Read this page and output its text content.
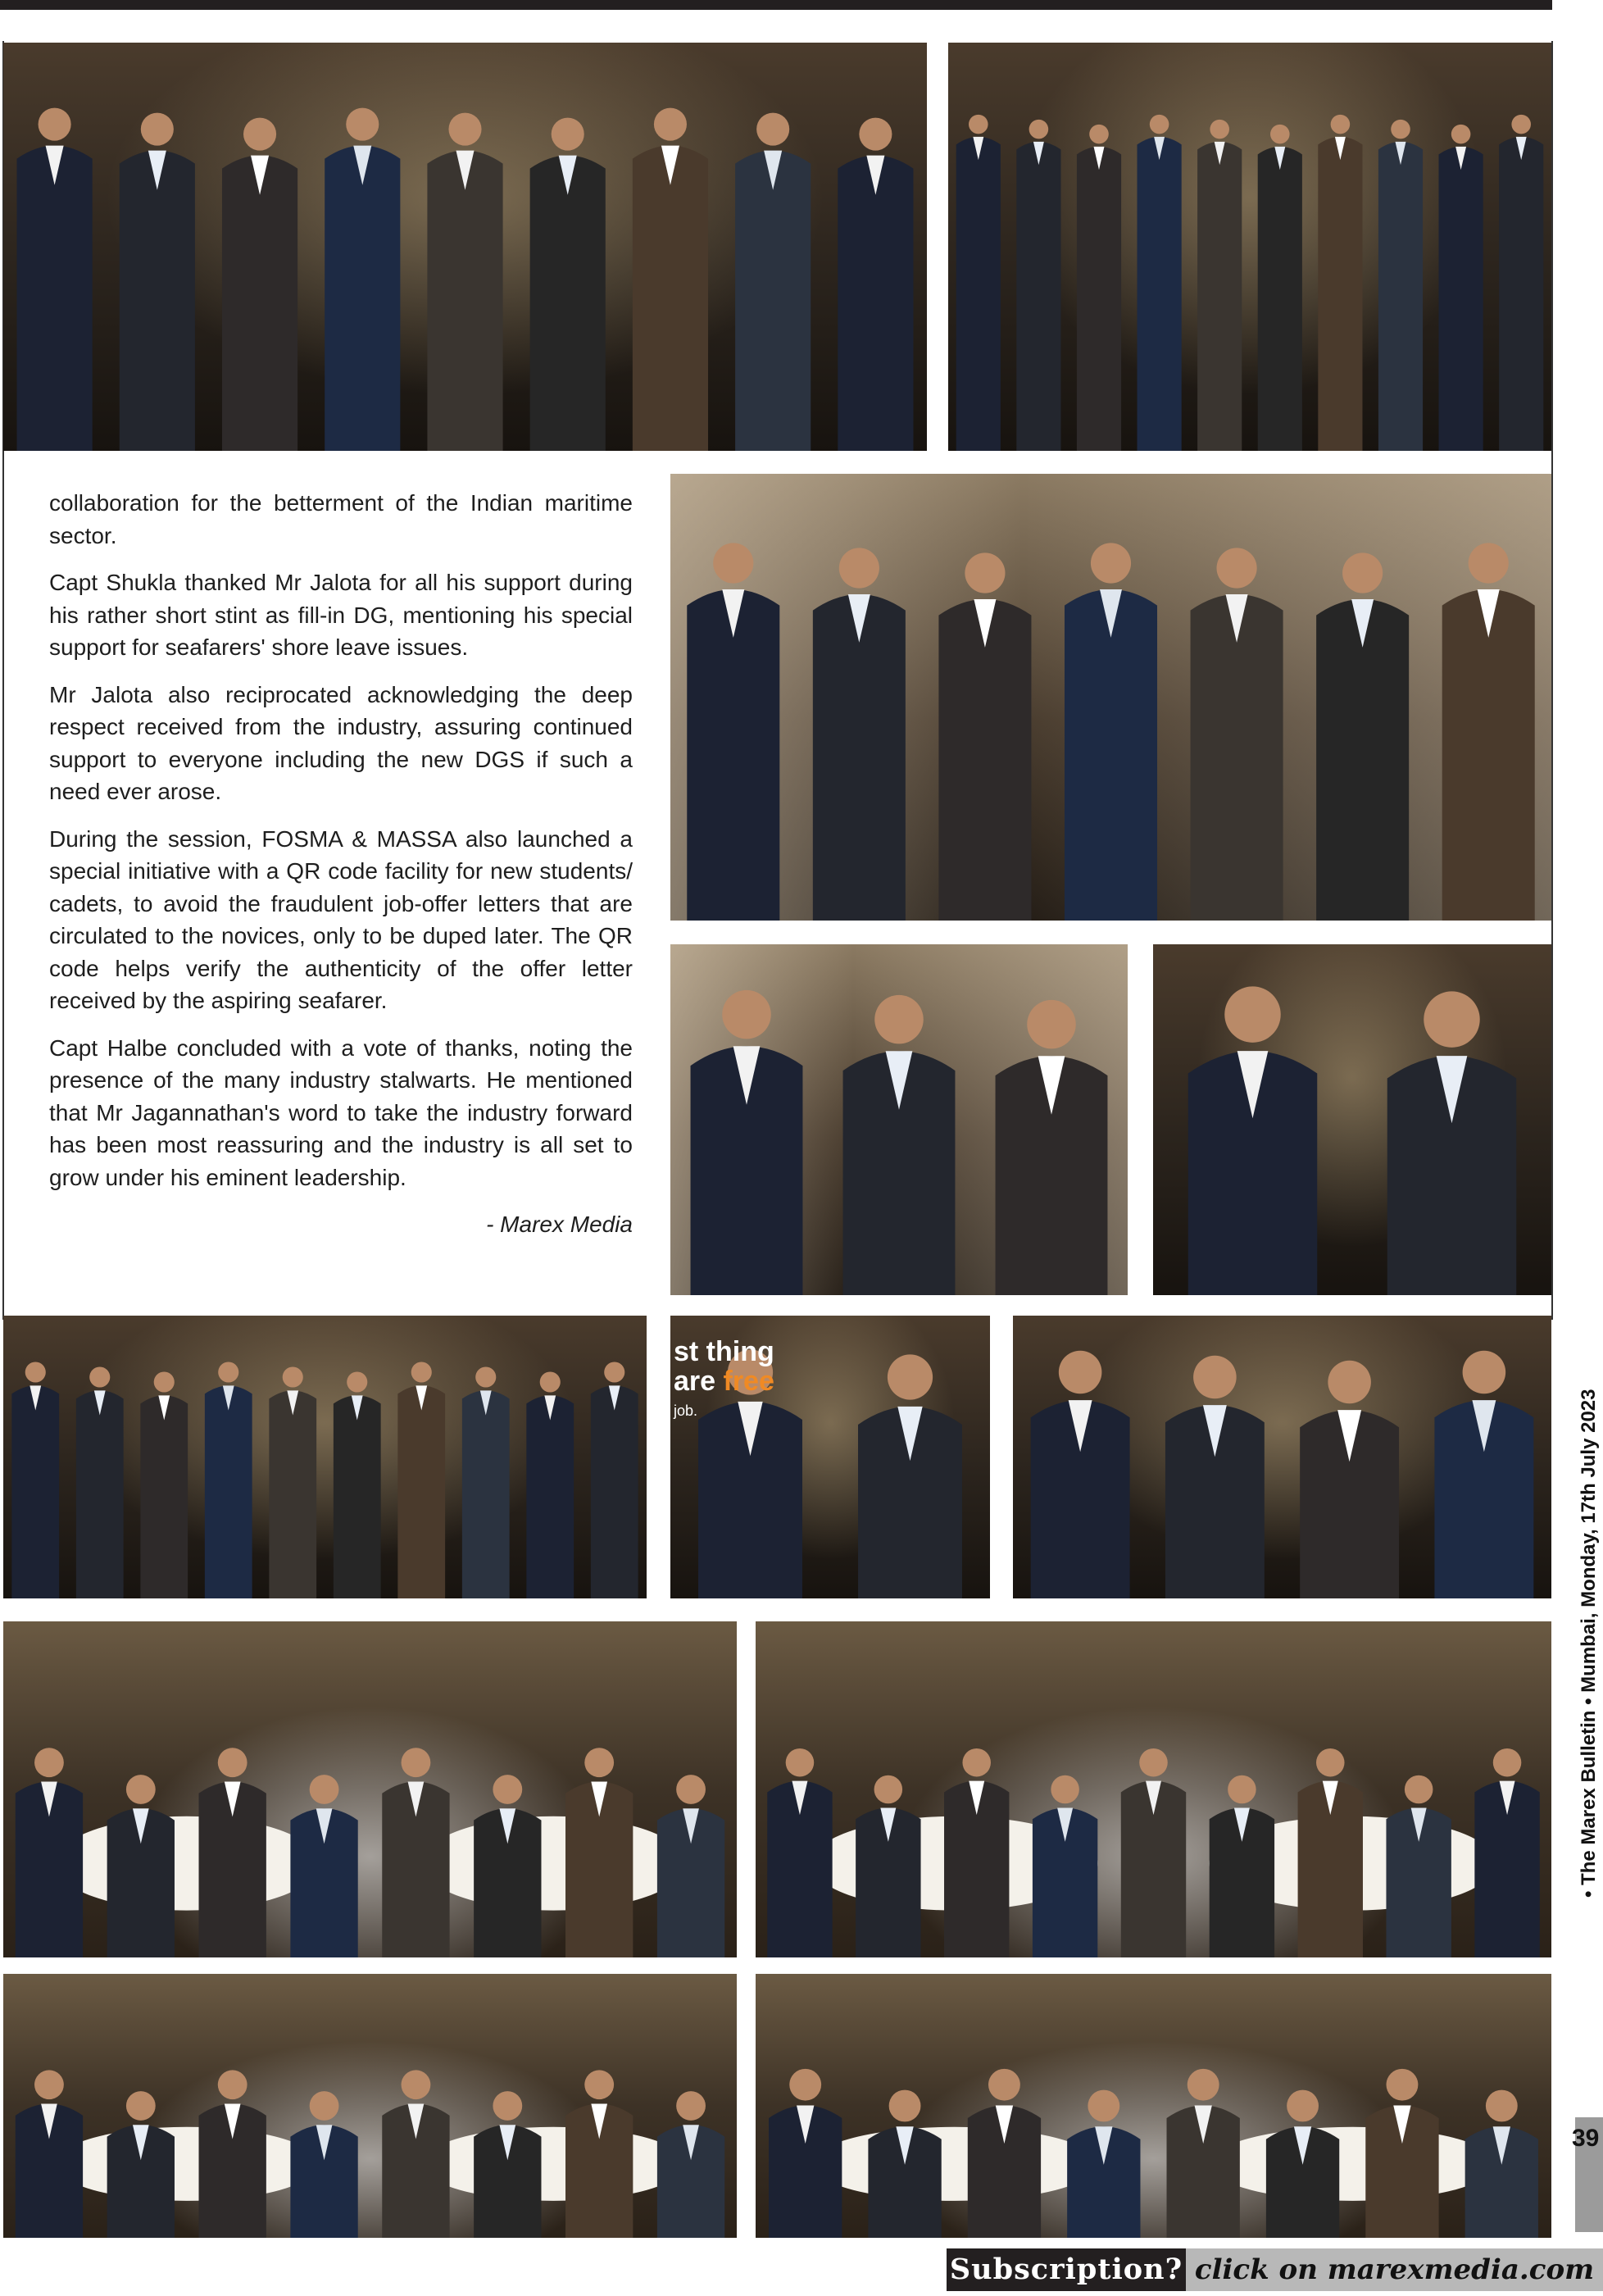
collaboration for the betterment of the Indian maritime sector.

Capt Shukla thanked Mr Jalota for all his support during his rather short stint as fill-in DG, mentioning his special support for seafarers' shore leave issues.

Mr Jalota also reciprocated acknowledging the deep respect received from the industry, assuring continued support to everyone including the new DGS if such a need ever arose.

During the session, FOSMA & MASSA also launched a special initiative with a QR code facility for new students/ cadets, to avoid the fraudulent job-offer letters that are circulated to the novices, only to be duped later. The QR code helps verify the authenticity of the offer letter received by the aspiring seafarer.

Capt Halbe concluded with a vote of thanks, noting the presence of the many industry stalwarts. He mentioned that Mr Jagannathan's word to take the industry forward has been most reassuring and the industry is all set to grow under his eminent leadership.

- Marex Media
st thing
are free
job.	• The Marex Bulletin • Mumbai, Monday, 17th July 2023
39
Subscription? click on marexmedia.com
